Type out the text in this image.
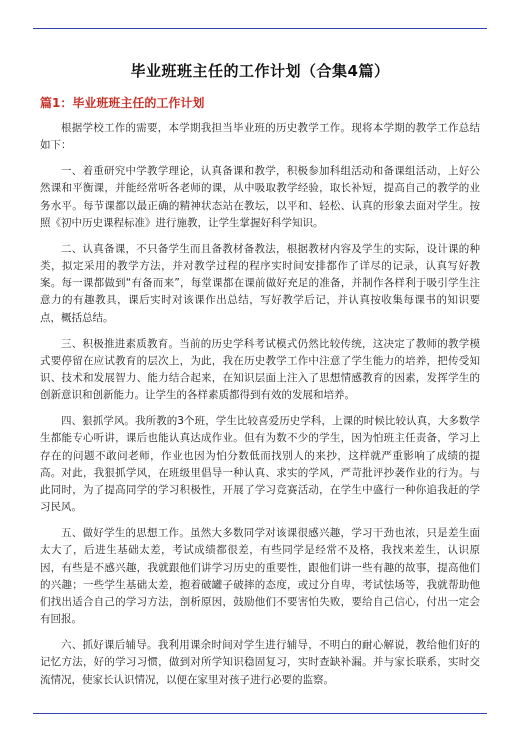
毕业班班主任的工作计划（合集4篇）
篇1：毕业班班主任的工作计划

根据学校工作的需要，本学期我担当毕业班的历史教学工作。现将本学期的教学工作总结如下：

一、着重研究中学教学理论，认真备课和教学，积极参加科组活动和备课组活动，上好公然课和平衡课，并能经常听各老师的课，从中吸取教学经验，取长补短，提高自己的教学的业务水平。每节课都以最正确的精神状态站在教坛，以平和、轻松、认真的形象去面对学生。按照《初中历史课程标准》进行施教，让学生掌握好科学知识。

二、认真备课，不只备学生而且备教材备教法，根据教材内容及学生的实际，设计课的种类，拟定采用的教学方法，并对教学过程的程序实时间安排都作了详尽的记录，认真写好教案。每一课都做到“有备而来”，每堂课都在课前做好充足的准备，并制作各样利于吸引学生注意力的有趣教具，课后实时对该课作出总结，写好教学后记，并认真按收集每课书的知识要点，概括总结。

三、积极推进素质教育。当前的历史学科考试模式仍然比较传统，这决定了教师的教学模式要停留在应试教育的层次上，为此，我在历史教学工作中注意了学生能力的培养，把传受知识、技术和发展智力、能力结合起来，在知识层面上注入了思想情感教育的因素，发挥学生的创新意识和创新能力。让学生的各样素质都得到有效的发展和培养。

四、狠抓学风。我所教的3个班，学生比较喜爱历史学科，上课的时候比较认真，大多数学生都能专心听讲，课后也能认真达成作业。但有为数不少的学生，因为怕班主任责备，学习上存在的问题不敢问老师，作业也因为怕分数低而找别人的来抄，这样就严重影响了成绩的提高。对此，我狠抓学风，在班级里倡导一种认真、求实的学风，严苛批评抄袭作业的行为。与此同时，为了提高同学的学习积极性，开展了学习竞赛活动，在学生中盛行一种你追我赶的学习民风。

五、做好学生的思想工作。虽然大多数同学对该课很感兴趣，学习干劲也浓，只是差生面太大了，后进生基础太差，考试成绩都很差，有些同学是经常不及格，我找来差生，认识原因，有些是不感兴趣，我就跟他们讲学习历史的重要性，跟他们讲一些有趣的故事，提高他们的兴趣；一些学生基础太差，抱着破罐子破摔的态度，或过分自卑，考试怯场等，我就帮助他们找出适合自己的学习方法，剖析原因，鼓励他们不要害怕失败，要给自己信心，付出一定会有回报。

六、抓好课后辅导。我利用课余时间对学生进行辅导，不明白的耐心解说，教给他们好的记忆方法，好的学习习惯，做到对所学知识稳固复习，实时查缺补漏。并与家长联系，实时交流情况，使家长认识情况，以便在家里对孩子进行必要的监察。
